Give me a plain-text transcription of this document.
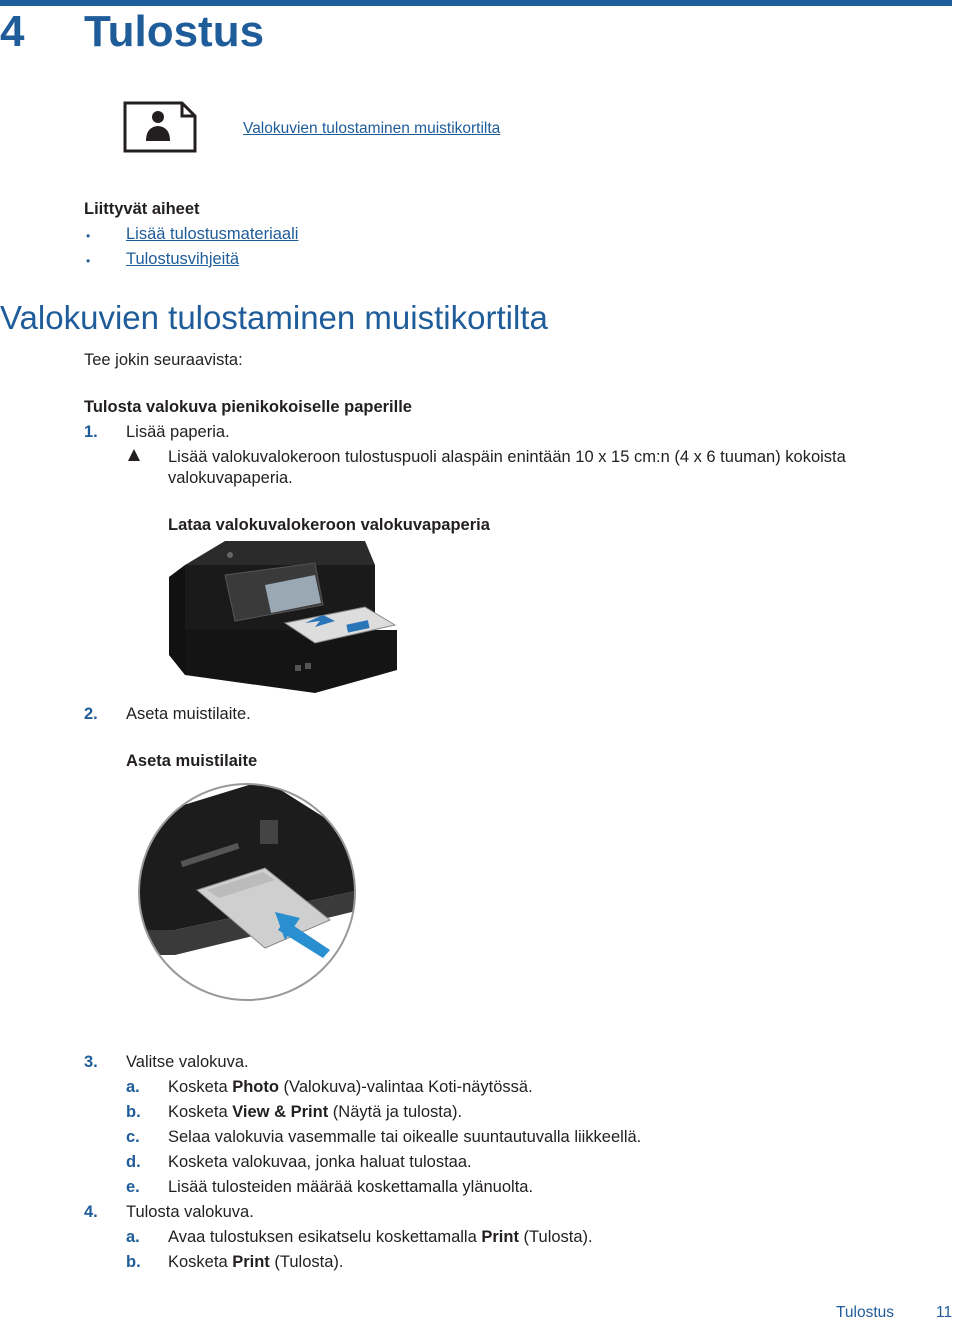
4 Tulostus
Valokuvien tulostaminen muistikortilta
Liittyvät aiheet
• Lisää tulostusmateriaali
• Tulostusvihjeitä
Valokuvien tulostaminen muistikortilta
Tee jokin seuraavista:
Tulosta valokuva pienikokoiselle paperille
1. Lisää paperia.
Lisää valokuvalokeroon tulostuspuoli alaspäin enintään 10 x 15 cm:n (4 x 6 tuuman) kokoista
valokuvapaperia.
Lataa valokuvalokeroon valokuvapaperia
2. Aseta muistilaite.
Aseta muistilaite
3. Valitse valokuva.
a. Kosketa Photo (Valokuva)-valintaa Koti-näytössä.
b. Kosketa View & Print (Näytä ja tulosta).
c. Selaa valokuvia vasemmalle tai oikealle suuntautuvalla liikkeellä.
d. Kosketa valokuvaa, jonka haluat tulostaa.
e. Lisää tulosteiden määrää koskettamalla ylänuolta.
4. Tulosta valokuva.
a. Avaa tulostuksen esikatselu koskettamalla Print (Tulosta).
b. Kosketa Print (Tulosta).
Tulostus	11
